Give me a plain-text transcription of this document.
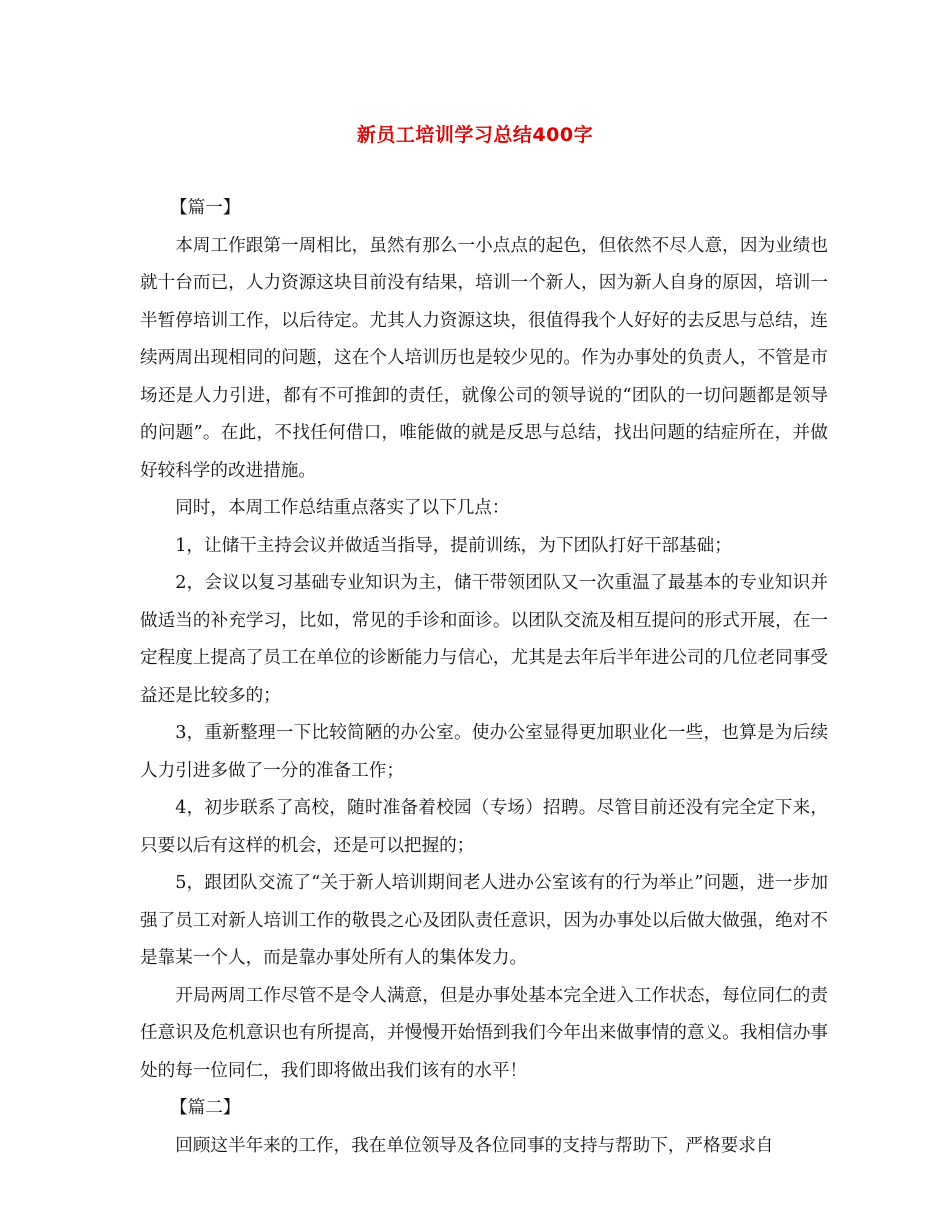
新员工培训学习总结400字

【篇一】

本周工作跟第一周相比，虽然有那么一小点点的起色，但依然不尽人意，因为业绩也就十台而已，人力资源这块目前没有结果，培训一个新人，因为新人自身的原因，培训一半暂停培训工作，以后待定。尤其人力资源这块，很值得我个人好好的去反思与总结，连续两周出现相同的问题，这在个人培训历也是较少见的。作为办事处的负责人，不管是市场还是人力引进，都有不可推卸的责任，就像公司的领导说的“团队的一切问题都是领导的问题”。在此，不找任何借口，唯能做的就是反思与总结，找出问题的结症所在，并做好较科学的改进措施。

同时，本周工作总结重点落实了以下几点：

1，让储干主持会议并做适当指导，提前训练，为下团队打好干部基础；

2，会议以复习基础专业知识为主，储干带领团队又一次重温了最基本的专业知识并做适当的补充学习，比如，常见的手诊和面诊。以团队交流及相互提问的形式开展，在一定程度上提高了员工在单位的诊断能力与信心，尤其是去年后半年进公司的几位老同事受益还是比较多的；

3，重新整理一下比较简陋的办公室。使办公室显得更加职业化一些，也算是为后续人力引进多做了一分的准备工作；

4，初步联系了高校，随时准备着校园（专场）招聘。尽管目前还没有完全定下来，只要以后有这样的机会，还是可以把握的；

5，跟团队交流了“关于新人培训期间老人进办公室该有的行为举止”问题，进一步加强了员工对新人培训工作的敬畏之心及团队责任意识，因为办事处以后做大做强，绝对不是靠某一个人，而是靠办事处所有人的集体发力。

开局两周工作尽管不是令人满意，但是办事处基本完全进入工作状态，每位同仁的责任意识及危机意识也有所提高，并慢慢开始悟到我们今年出来做事情的意义。我相信办事处的每一位同仁，我们即将做出我们该有的水平！

【篇二】

回顾这半年来的工作，我在单位领导及各位同事的支持与帮助下，严格要求自
